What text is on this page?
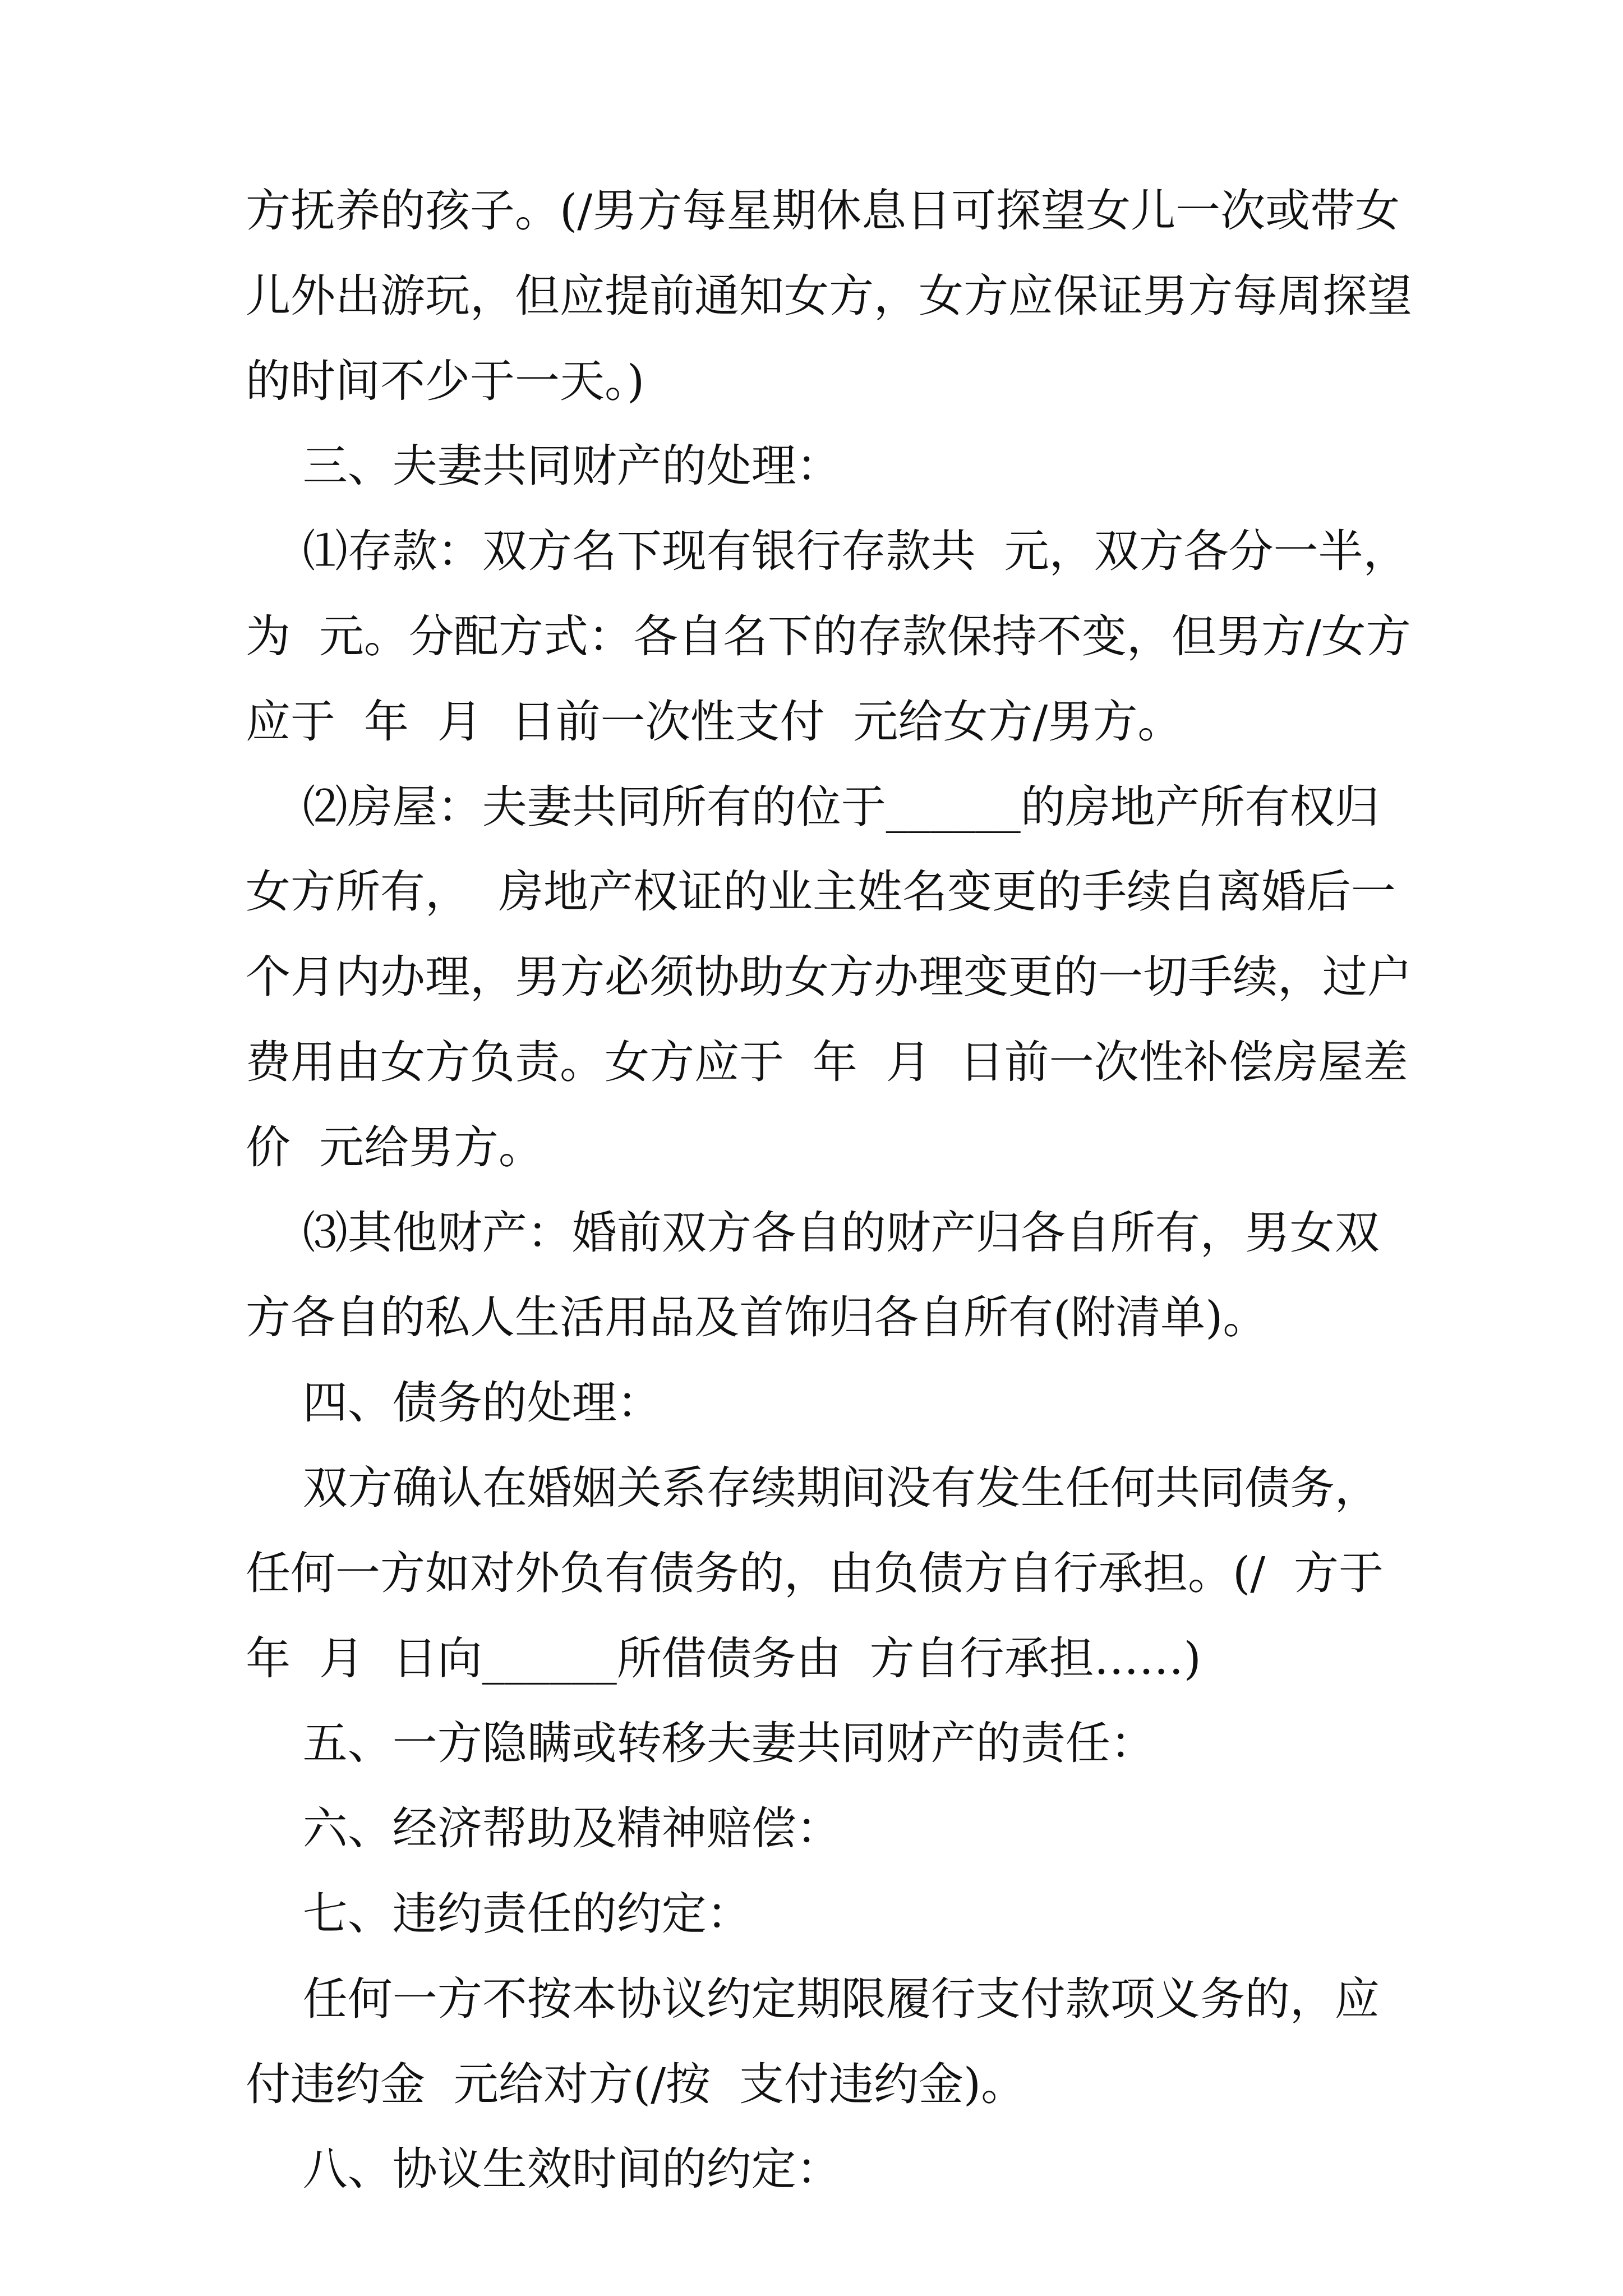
方抚养的孩子。(/男方每星期休息日可探望女儿一次或带女
儿外出游玩，但应提前通知女方，女方应保证男方每周探望
的时间不少于一天。)
三、夫妻共同财产的处理：
⑴存款：双方名下现有银行存款共  元，双方各分一半，
为  元。分配方式：各自名下的存款保持不变，但男方/女方
应于  年  月  日前一次性支付  元给女方/男方。
⑵房屋：夫妻共同所有的位于______的房地产所有权归
女方所有，  房地产权证的业主姓名变更的手续自离婚后一
个月内办理，男方必须协助女方办理变更的一切手续，过户
费用由女方负责。女方应于  年  月  日前一次性补偿房屋差
价  元给男方。
⑶其他财产：婚前双方各自的财产归各自所有，男女双
方各自的私人生活用品及首饰归各自所有(附清单)。
四、债务的处理：
双方确认在婚姻关系存续期间没有发生任何共同债务，
任何一方如对外负有债务的，由负债方自行承担。(/  方于
年  月  日向______所借债务由  方自行承担……)
五、一方隐瞒或转移夫妻共同财产的责任：
六、经济帮助及精神赔偿：
七、违约责任的约定：
任何一方不按本协议约定期限履行支付款项义务的，应
付违约金  元给对方(/按  支付违约金)。
八、协议生效时间的约定：
